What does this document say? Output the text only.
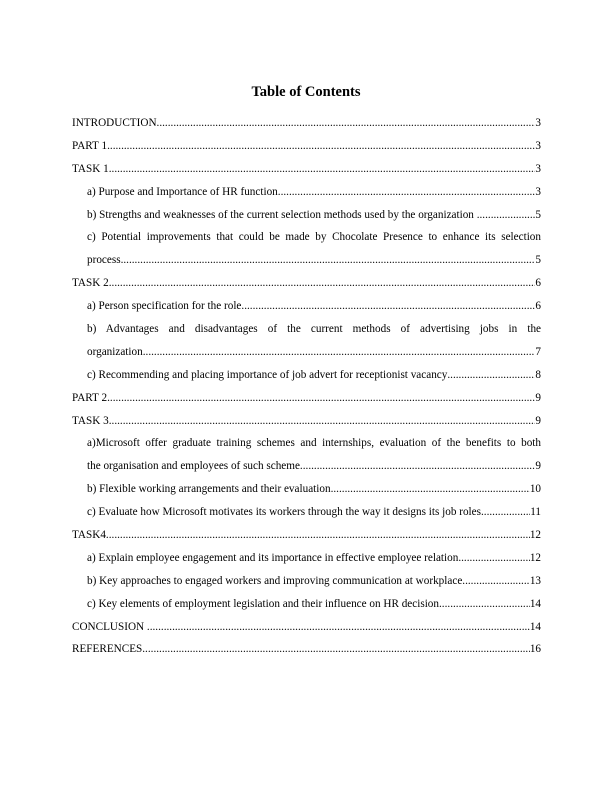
Table of Contents
INTRODUCTION .....	3
PART 1 .....	3
TASK 1 .....	3
a) Purpose and Importance of HR function .....	3
b) Strengths and weaknesses of the current selection methods used by the organization .....	5
c) Potential improvements that could be made by Chocolate Presence to enhance its selection
process .....	5
TASK 2 .....	6
a) Person specification for the role .....	6
b) Advantages and disadvantages of the current methods of advertising jobs in the
organization .....	7
c) Recommending and placing importance of job advert for receptionist vacancy .....	8
PART 2 .....	9
TASK 3 .....	9
a)Microsoft offer graduate training schemes and internships, evaluation of the benefits to both
the organisation and employees of such scheme .....	9
b) Flexible working arrangements and their evaluation .....	10
c) Evaluate how Microsoft motivates its workers through the way it designs its job roles .....	11
TASK4 .....	12
a) Explain employee engagement and its importance in effective employee relation .....	12
b) Key approaches to engaged workers and improving communication at workplace .....	13
c) Key elements of employment legislation and their influence on HR decision .....	14
CONCLUSION .....	14
REFERENCES .....	16
